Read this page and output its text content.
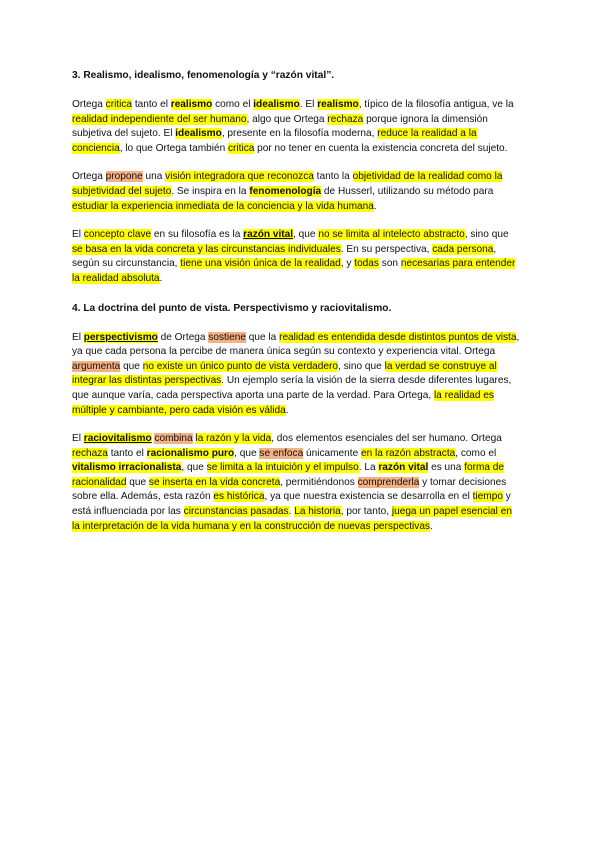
3. Realismo, idealismo, fenomenología y “razón vital”.

Ortega critica tanto el realismo como el idealismo. El realismo, típico de la filosofía antigua, ve la realidad independiente del ser humano, algo que Ortega rechaza porque ignora la dimensión subjetiva del sujeto. El idealismo, presente en la filosofía moderna, reduce la realidad a la conciencia, lo que Ortega también critica por no tener en cuenta la existencia concreta del sujeto.

Ortega propone una visión integradora que reconozca tanto la objetividad de la realidad como la subjetividad del sujeto. Se inspira en la fenomenología de Husserl, utilizando su método para estudiar la experiencia inmediata de la conciencia y la vida humana.

El concepto clave en su filosofía es la razón vital, que no se limita al intelecto abstracto, sino que se basa en la vida concreta y las circunstancias individuales. En su perspectiva, cada persona, según su circunstancia, tiene una visión única de la realidad, y todas son necesarias para entender la realidad absoluta.

4. La doctrina del punto de vista. Perspectivismo y raciovitalismo.

El perspectivismo de Ortega sostiene que la realidad es entendida desde distintos puntos de vista, ya que cada persona la percibe de manera única según su contexto y experiencia vital. Ortega argumenta que no existe un único punto de vista verdadero, sino que la verdad se construye al integrar las distintas perspectivas. Un ejemplo sería la visión de la sierra desde diferentes lugares, que aunque varía, cada perspectiva aporta una parte de la verdad. Para Ortega, la realidad es múltiple y cambiante, pero cada visión es válida.

El raciovitalismo combina la razón y la vida, dos elementos esenciales del ser humano. Ortega rechaza tanto el racionalismo puro, que se enfoca únicamente en la razón abstracta, como el vitalismo irracionalista, que se limita a la intuición y el impulso. La razón vital es una forma de racionalidad que se inserta en la vida concreta, permitiéndonos comprenderla y tomar decisiones sobre ella. Además, esta razón es histórica, ya que nuestra existencia se desarrolla en el tiempo y está influenciada por las circunstancias pasadas. La historia, por tanto, juega un papel esencial en la interpretación de la vida humana y en la construcción de nuevas perspectivas.
